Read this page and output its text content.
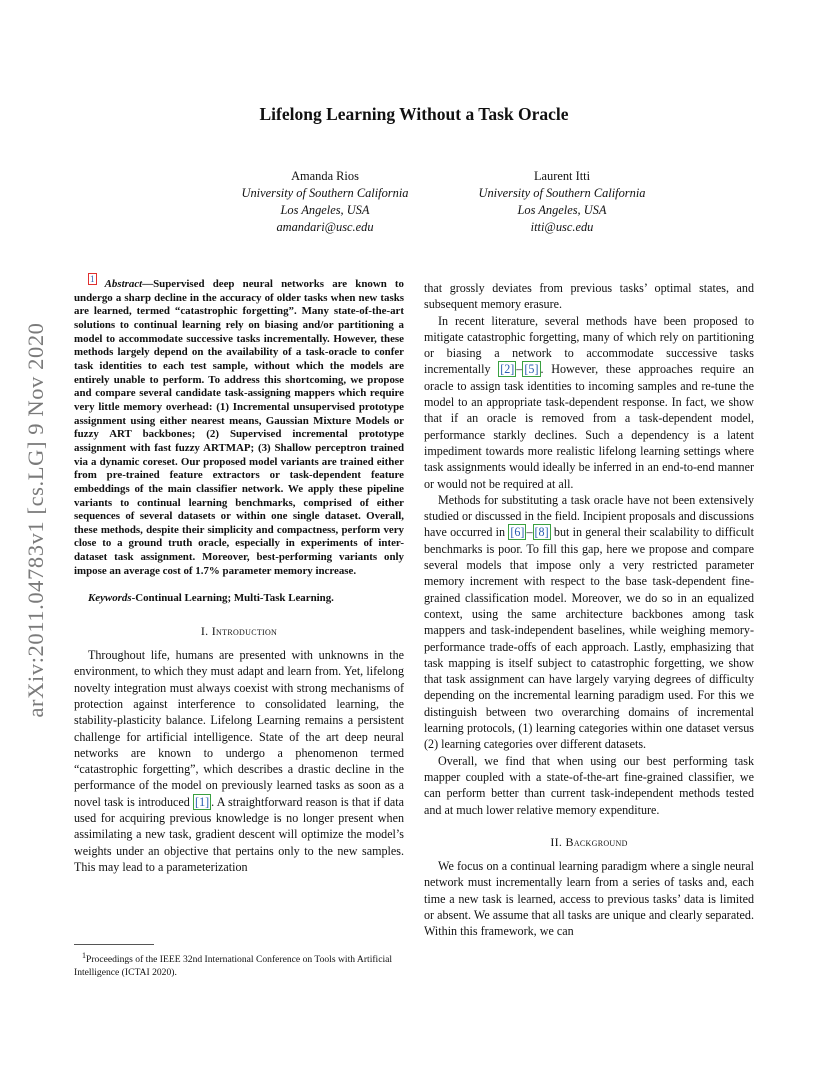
arXiv:2011.04783v1 [cs.LG] 9 Nov 2020
Lifelong Learning Without a Task Oracle
Amanda Rios
University of Southern California
Los Angeles, USA
amandari@usc.edu
Laurent Itti
University of Southern California
Los Angeles, USA
itti@usc.edu
$^1$ Abstract—Supervised deep neural networks are known to undergo a sharp decline in the accuracy of older tasks when new tasks are learned, termed “catastrophic forgetting”. Many state-of-the-art solutions to continual learning rely on biasing and/or partitioning a model to accommodate successive tasks incrementally. However, these methods largely depend on the availability of a task-oracle to confer task identities to each test sample, without which the models are entirely unable to perform. To address this shortcoming, we propose and compare several candidate task-assigning mappers which require very little memory overhead: (1) Incremental unsupervised prototype assignment using either nearest means, Gaussian Mixture Models or fuzzy ART backbones; (2) Supervised incremental prototype assignment with fast fuzzy ARTMAP; (3) Shallow perceptron trained via a dynamic coreset. Our proposed model variants are trained either from pre-trained feature extractors or task-dependent feature embeddings of the main classifier network. We apply these pipeline variants to continual learning benchmarks, comprised of either sequences of several datasets or within one single dataset. Overall, these methods, despite their simplicity and compactness, perform very close to a ground truth oracle, especially in experiments of inter-dataset task assignment. Moreover, best-performing variants only impose an average cost of 1.7% parameter memory increase.
Keywords-Continual Learning; Multi-Task Learning.
I. Introduction

Throughout life, humans are presented with unknowns in the environment, to which they must adapt and learn from. Yet, lifelong novelty integration must always coexist with strong mechanisms of protection against interference to consolidated learning, the stability-plasticity balance. Lifelong Learning remains a persistent challenge for artificial intelligence. State of the art deep neural networks are known to undergo a phenomenon termed “catastrophic forgetting”, which describes a drastic decline in the performance of the model on previously learned tasks as soon as a novel task is introduced [1] . A straightforward reason is that if data used for acquiring previous knowledge is no longer present when assimilating a new task, gradient descent will optimize the model’s weights under an objective that pertains only to the new samples. This may lead to a parameterization

$^1$Proceedings of the IEEE 32nd International Conference on Tools with Artificial Intelligence (ICTAI 2020).

that grossly deviates from previous tasks’ optimal states, and subsequent memory erasure.

In recent literature, several methods have been proposed to mitigate catastrophic forgetting, many of which rely on partitioning or biasing a network to accommodate successive tasks incrementally [2] – [5] . However, these approaches require an oracle to assign task identities to incoming samples and re-tune the model to an appropriate task-dependent response. In fact, we show that if an oracle is removed from a task-dependent model, performance starkly declines. Such a dependency is a latent impediment towards more realistic lifelong learning settings where task assignments would ideally be inferred in an end-to-end manner or would not be required at all.

Methods for substituting a task oracle have not been extensively studied or discussed in the field. Incipient proposals and discussions have occurred in [6] – [8] but in general their scalability to difficult benchmarks is poor. To fill this gap, here we propose and compare several models that impose only a very restricted parameter memory increment with respect to the base task-dependent fine-grained classification model. Moreover, we do so in an equalized context, using the same architecture backbones among task mappers and task-independent baselines, while weighing memory-performance trade-offs of each approach. Lastly, emphasizing that task mapping is itself subject to catastrophic forgetting, we show that task assignment can have largely varying degrees of difficulty depending on the incremental learning paradigm used. For this we distinguish between two overarching domains of incremental learning protocols, (1) learning categories within one dataset versus (2) learning categories over different datasets.

Overall, we find that when using our best performing task mapper coupled with a state-of-the-art fine-grained classifier, we can perform better than current task-independent methods tested and at much lower relative memory expenditure.

II. Background

We focus on a continual learning paradigm where a single neural network must incrementally learn from a series of tasks and, each time a new task is learned, access to previous tasks’ data is limited or absent. We assume that all tasks are unique and clearly separated. Within this framework, we can
